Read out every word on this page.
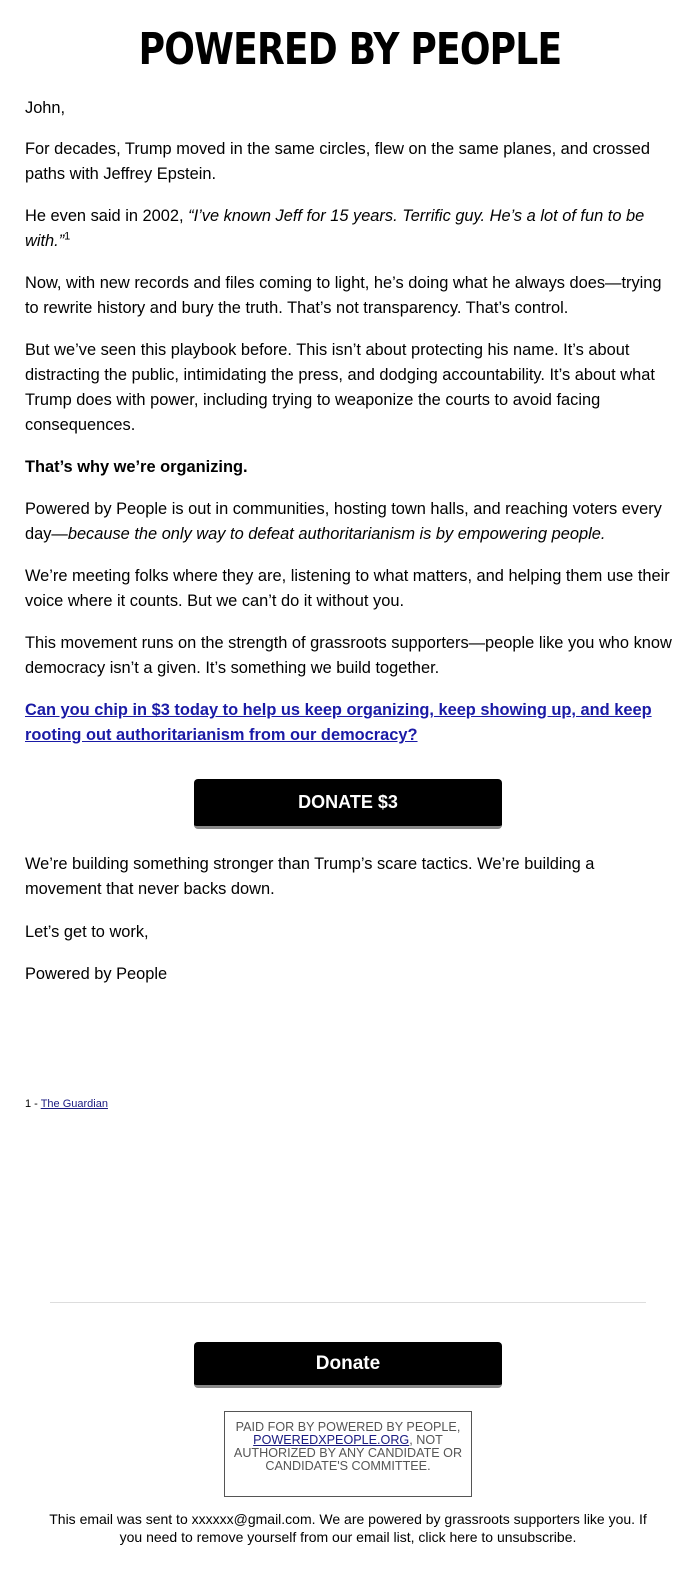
POWERED BY PEOPLE

John,

For decades, Trump moved in the same circles, flew on the same planes, and crossed paths with Jeffrey Epstein.

He even said in 2002, “I’ve known Jeff for 15 years. Terrific guy. He’s a lot of fun to be with.”$^1$

Now, with new records and files coming to light, he’s doing what he always does—trying to rewrite history and bury the truth. That’s not transparency. That’s control.

But we’ve seen this playbook before. This isn’t about protecting his name. It’s about distracting the public, intimidating the press, and dodging accountability. It’s about what Trump does with power, including trying to weaponize the courts to avoid facing consequences.

That’s why we’re organizing.

Powered by People is out in communities, hosting town halls, and reaching voters every day—because the only way to defeat authoritarianism is by empowering people.

We’re meeting folks where they are, listening to what matters, and helping them use their voice where it counts. But we can’t do it without you.

This movement runs on the strength of grassroots supporters—people like you who know democracy isn’t a given. It’s something we build together.

Can you chip in $3 today to help us keep organizing, keep showing up, and keep rooting out authoritarianism from our democracy?

DONATE $3

We’re building something stronger than Trump’s scare tactics. We’re building a movement that never backs down.

Let’s get to work,

Powered by People

1 - The Guardian
Donate
PAID FOR BY POWERED BY PEOPLE, POWEREDXPEOPLE.ORG, NOT AUTHORIZED BY ANY CANDIDATE OR CANDIDATE'S COMMITTEE.
This email was sent to xxxxxx@gmail.com. We are powered by grassroots supporters like you. If you need to remove yourself from our email list, click here to unsubscribe.
